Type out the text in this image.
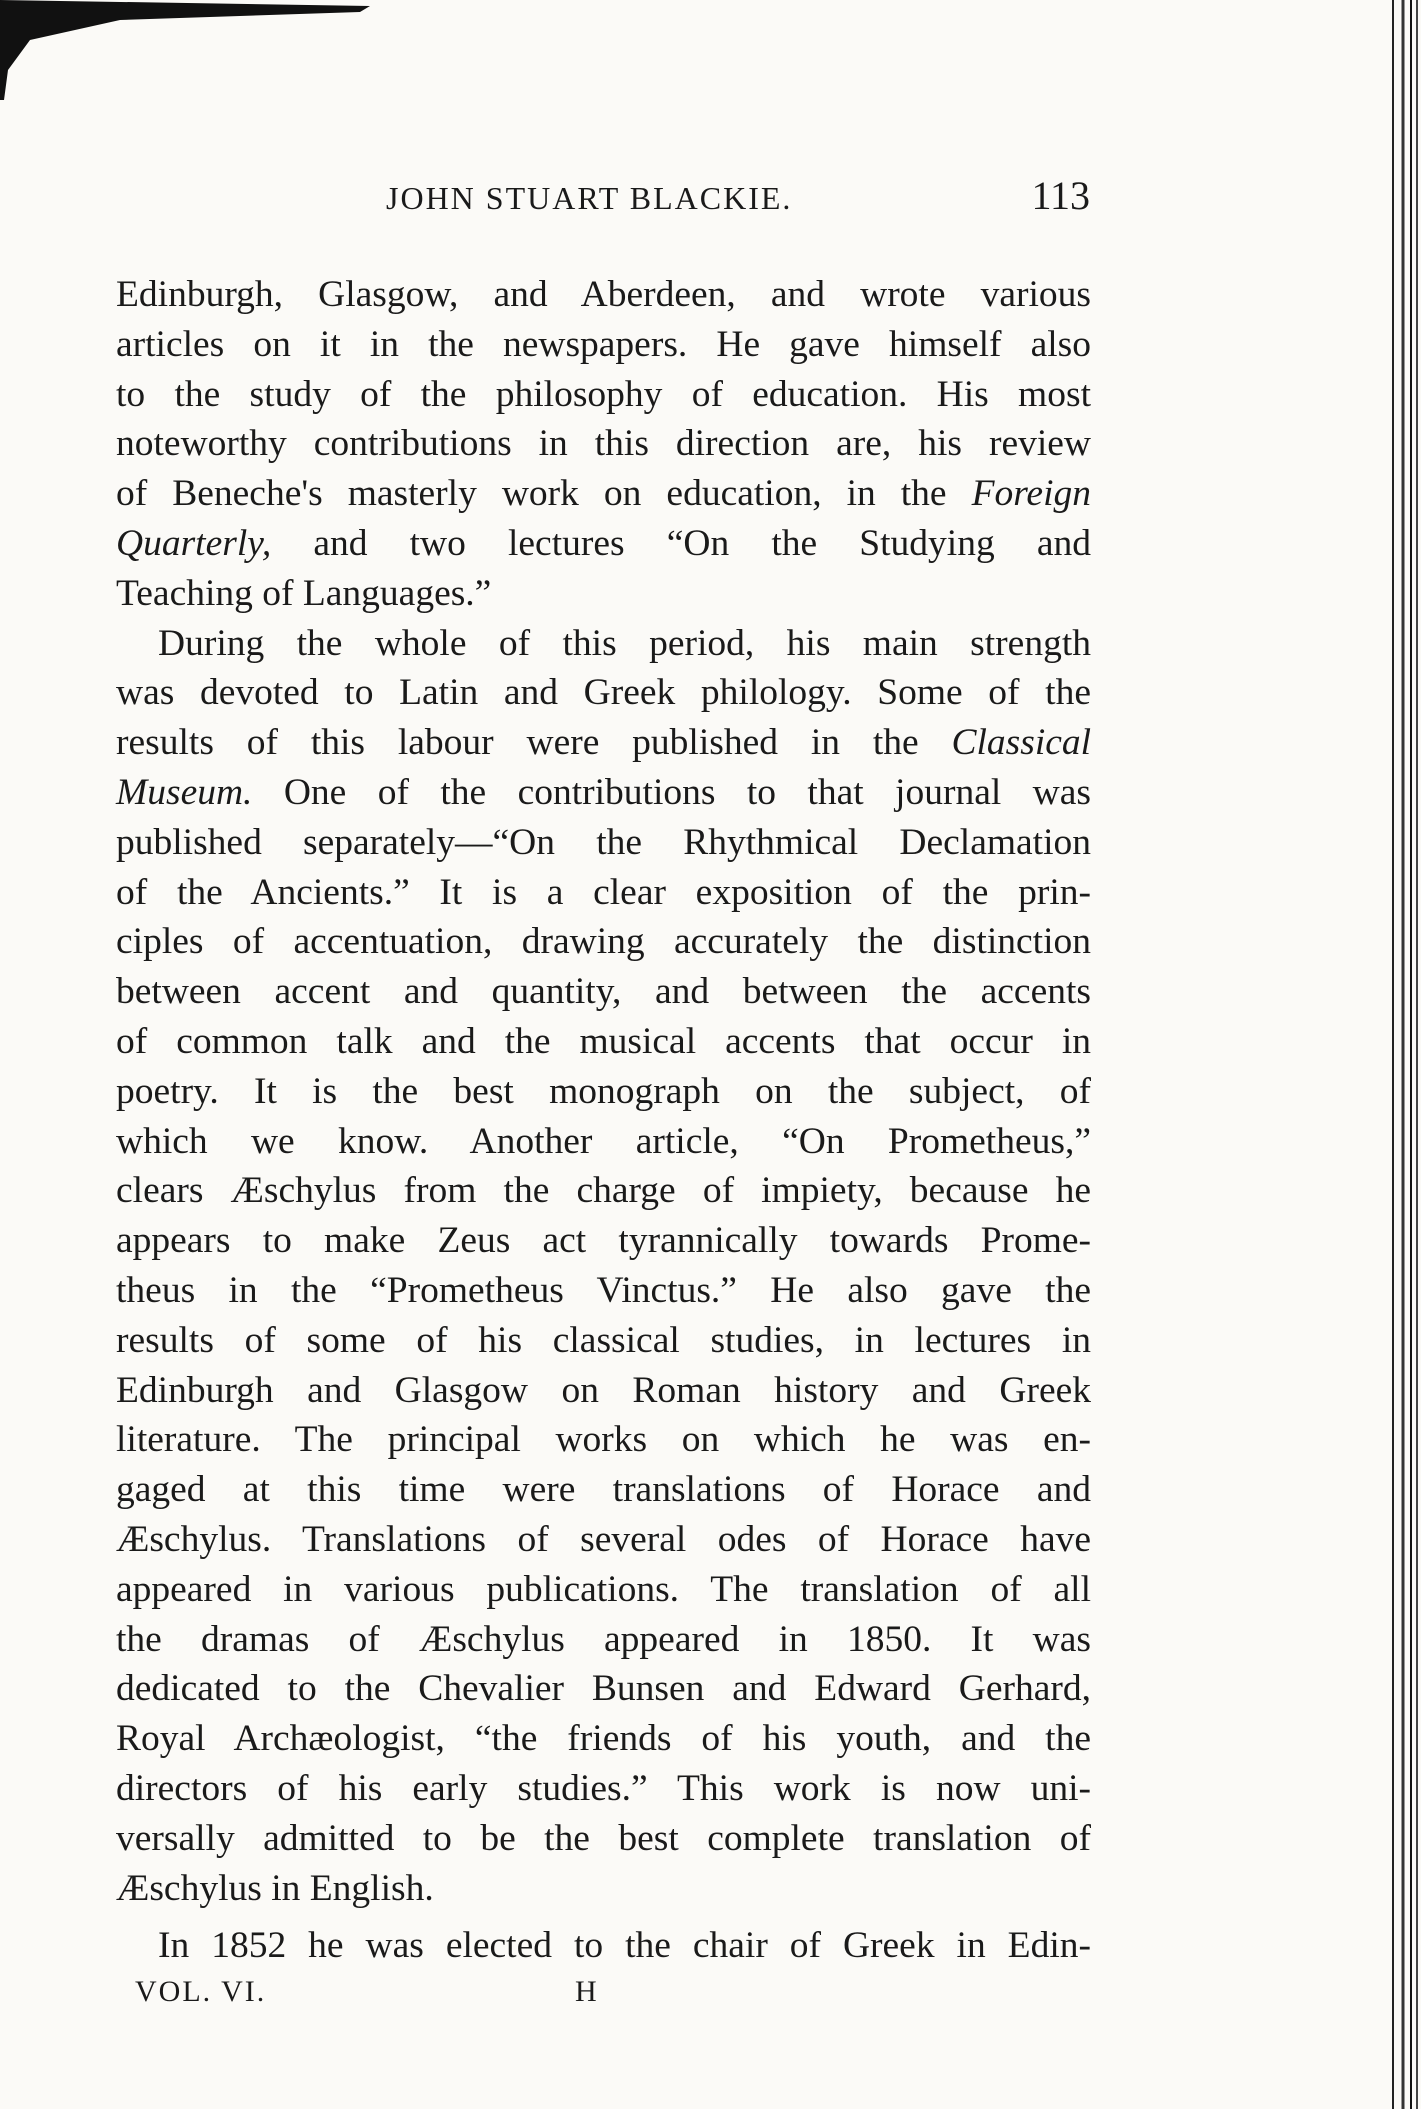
JOHN STUART BLACKIE.	113

Edinburgh, Glasgow, and Aberdeen, and wrote various
articles on it in the newspapers. He gave himself also
to the study of the philosophy of education. His most
noteworthy contributions in this direction are, his review
of Beneche's masterly work on education, in the Foreign
Quarterly, and two lectures “On the Studying and
Teaching of Languages.”

During the whole of this period, his main strength
was devoted to Latin and Greek philology. Some of the
results of this labour were published in the Classical
Museum. One of the contributions to that journal was
published separately—“On the Rhythmical Declamation
of the Ancients.” It is a clear exposition of the prin-
ciples of accentuation, drawing accurately the distinction
between accent and quantity, and between the accents
of common talk and the musical accents that occur in
poetry. It is the best monograph on the subject, of
which we know. Another article, “On Prometheus,”
clears Æschylus from the charge of impiety, because he
appears to make Zeus act tyrannically towards Prome-
theus in the “Prometheus Vinctus.” He also gave the
results of some of his classical studies, in lectures in
Edinburgh and Glasgow on Roman history and Greek
literature. The principal works on which he was en-
gaged at this time were translations of Horace and
Æschylus. Translations of several odes of Horace have
appeared in various publications. The translation of all
the dramas of Æschylus appeared in 1850. It was
dedicated to the Chevalier Bunsen and Edward Gerhard,
Royal Archæologist, “the friends of his youth, and the
directors of his early studies.” This work is now uni-
versally admitted to be the best complete translation of
Æschylus in English.

In 1852 he was elected to the chair of Greek in Edin-

VOL. VI.	H
